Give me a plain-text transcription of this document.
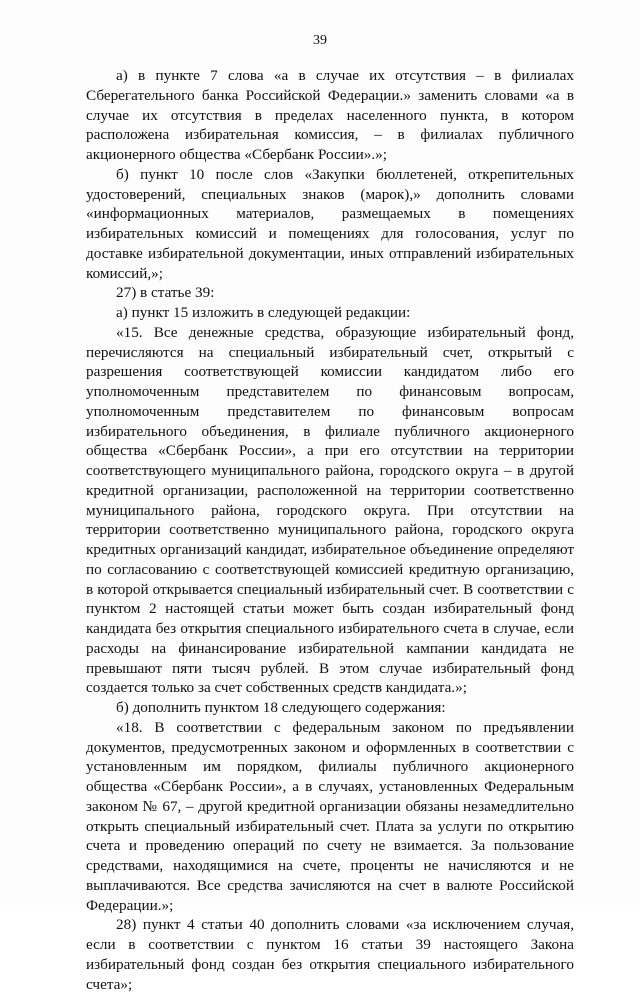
39

а) в пункте 7 слова «а в случае их отсутствия – в филиалах Сберегательного банка Российской Федерации.» заменить словами «а в случае их отсутствия в пределах населенного пункта, в котором расположена избирательная комиссия, – в филиалах публичного акционерного общества «Сбербанк России».»;

б) пункт 10 после слов «Закупки бюллетеней, открепительных удостоверений, специальных знаков (марок),» дополнить словами «информационных материалов, размещаемых в помещениях избирательных комиссий и помещениях для голосования, услуг по доставке избирательной документации, иных отправлений избирательных комиссий,»;

27) в статье 39:

а) пункт 15 изложить в следующей редакции:

«15. Все денежные средства, образующие избирательный фонд, перечисляются на специальный избирательный счет, открытый с разрешения соответствующей комиссии кандидатом либо его уполномоченным представителем по финансовым вопросам, уполномоченным представителем по финансовым вопросам избирательного объединения, в филиале публичного акционерного общества «Сбербанк России», а при его отсутствии на территории соответствующего муниципального района, городского округа – в другой кредитной организации, расположенной на территории соответственно муниципального района, городского округа. При отсутствии на территории соответственно муниципального района, городского округа кредитных организаций кандидат, избирательное объединение определяют по согласованию с соответствующей комиссией кредитную организацию, в которой открывается специальный избирательный счет. В соответствии с пунктом 2 настоящей статьи может быть создан избирательный фонд кандидата без открытия специального избирательного счета в случае, если расходы на финансирование избирательной кампании кандидата не превышают пяти тысяч рублей. В этом случае избирательный фонд создается только за счет собственных средств кандидата.»;

б) дополнить пунктом 18 следующего содержания:

«18. В соответствии с федеральным законом по предъявлении документов, предусмотренных законом и оформленных в соответствии с установленным им порядком, филиалы публичного акционерного общества «Сбербанк России», а в случаях, установленных Федеральным законом № 67, – другой кредитной организации обязаны незамедлительно открыть специальный избирательный счет. Плата за услуги по открытию счета и проведению операций по счету не взимается. За пользование средствами, находящимися на счете, проценты не начисляются и не выплачиваются. Все средства зачисляются на счет в валюте Российской Федерации.»;

28) пункт 4 статьи 40 дополнить словами «за исключением случая, если в соответствии с пунктом 16 статьи 39 настоящего Закона избирательный фонд создан без открытия специального избирательного счета»;
